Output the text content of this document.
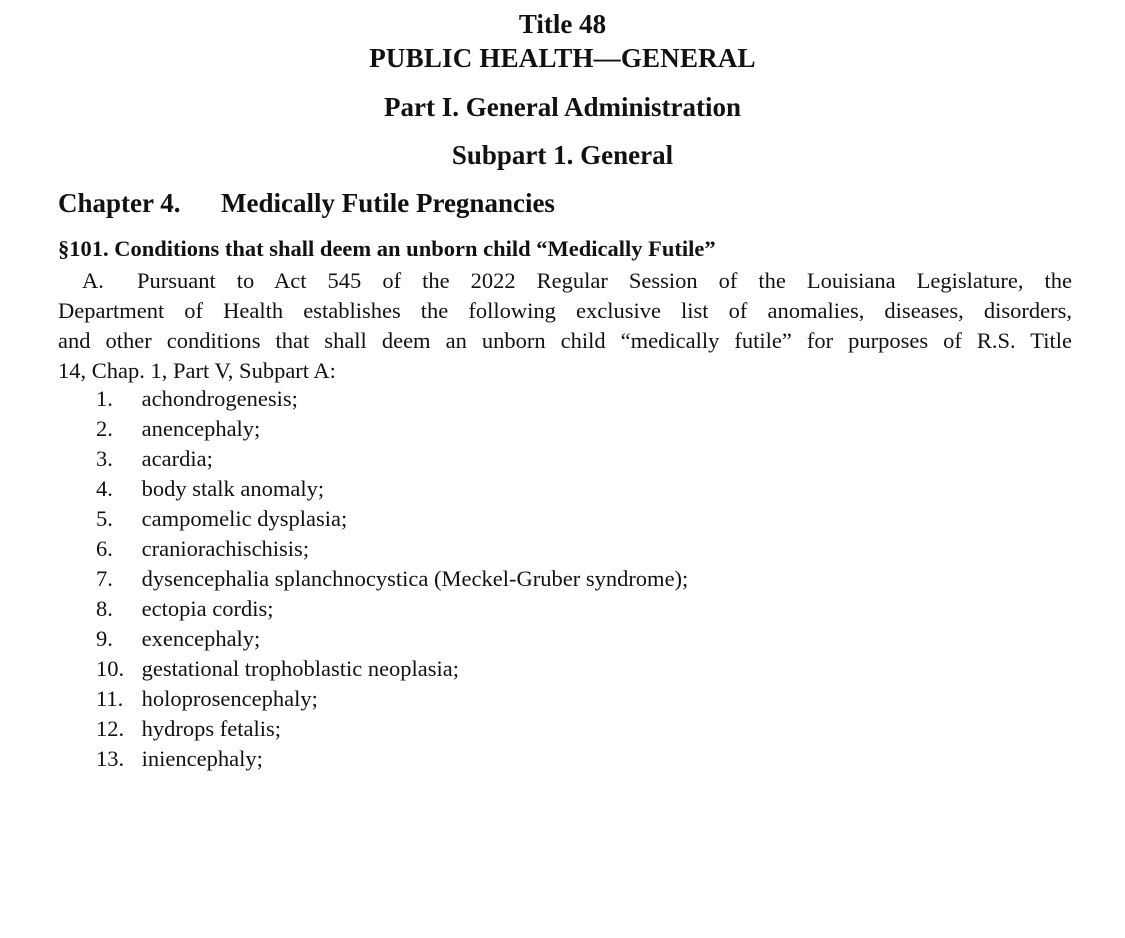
Title 48
PUBLIC HEALTH—GENERAL
Part I. General Administration
Subpart 1. General
Chapter 4. Medically Futile Pregnancies
§101. Conditions that shall deem an unborn child “Medically Futile”
A. Pursuant to Act 545 of the 2022 Regular Session of the Louisiana Legislature, the
Department of Health establishes the following exclusive list of anomalies, diseases, disorders,
and other conditions that shall deem an unborn child “medically futile” for purposes of R.S. Title
14, Chap. 1, Part V, Subpart A:
1. achondrogenesis;
2. anencephaly;
3. acardia;
4. body stalk anomaly;
5. campomelic dysplasia;
6. craniorachischisis;
7. dysencephalia splanchnocystica (Meckel-Gruber syndrome);
8. ectopia cordis;
9. exencephaly;
10. gestational trophoblastic neoplasia;
11. holoprosencephaly;
12. hydrops fetalis;
13. iniencephaly;
